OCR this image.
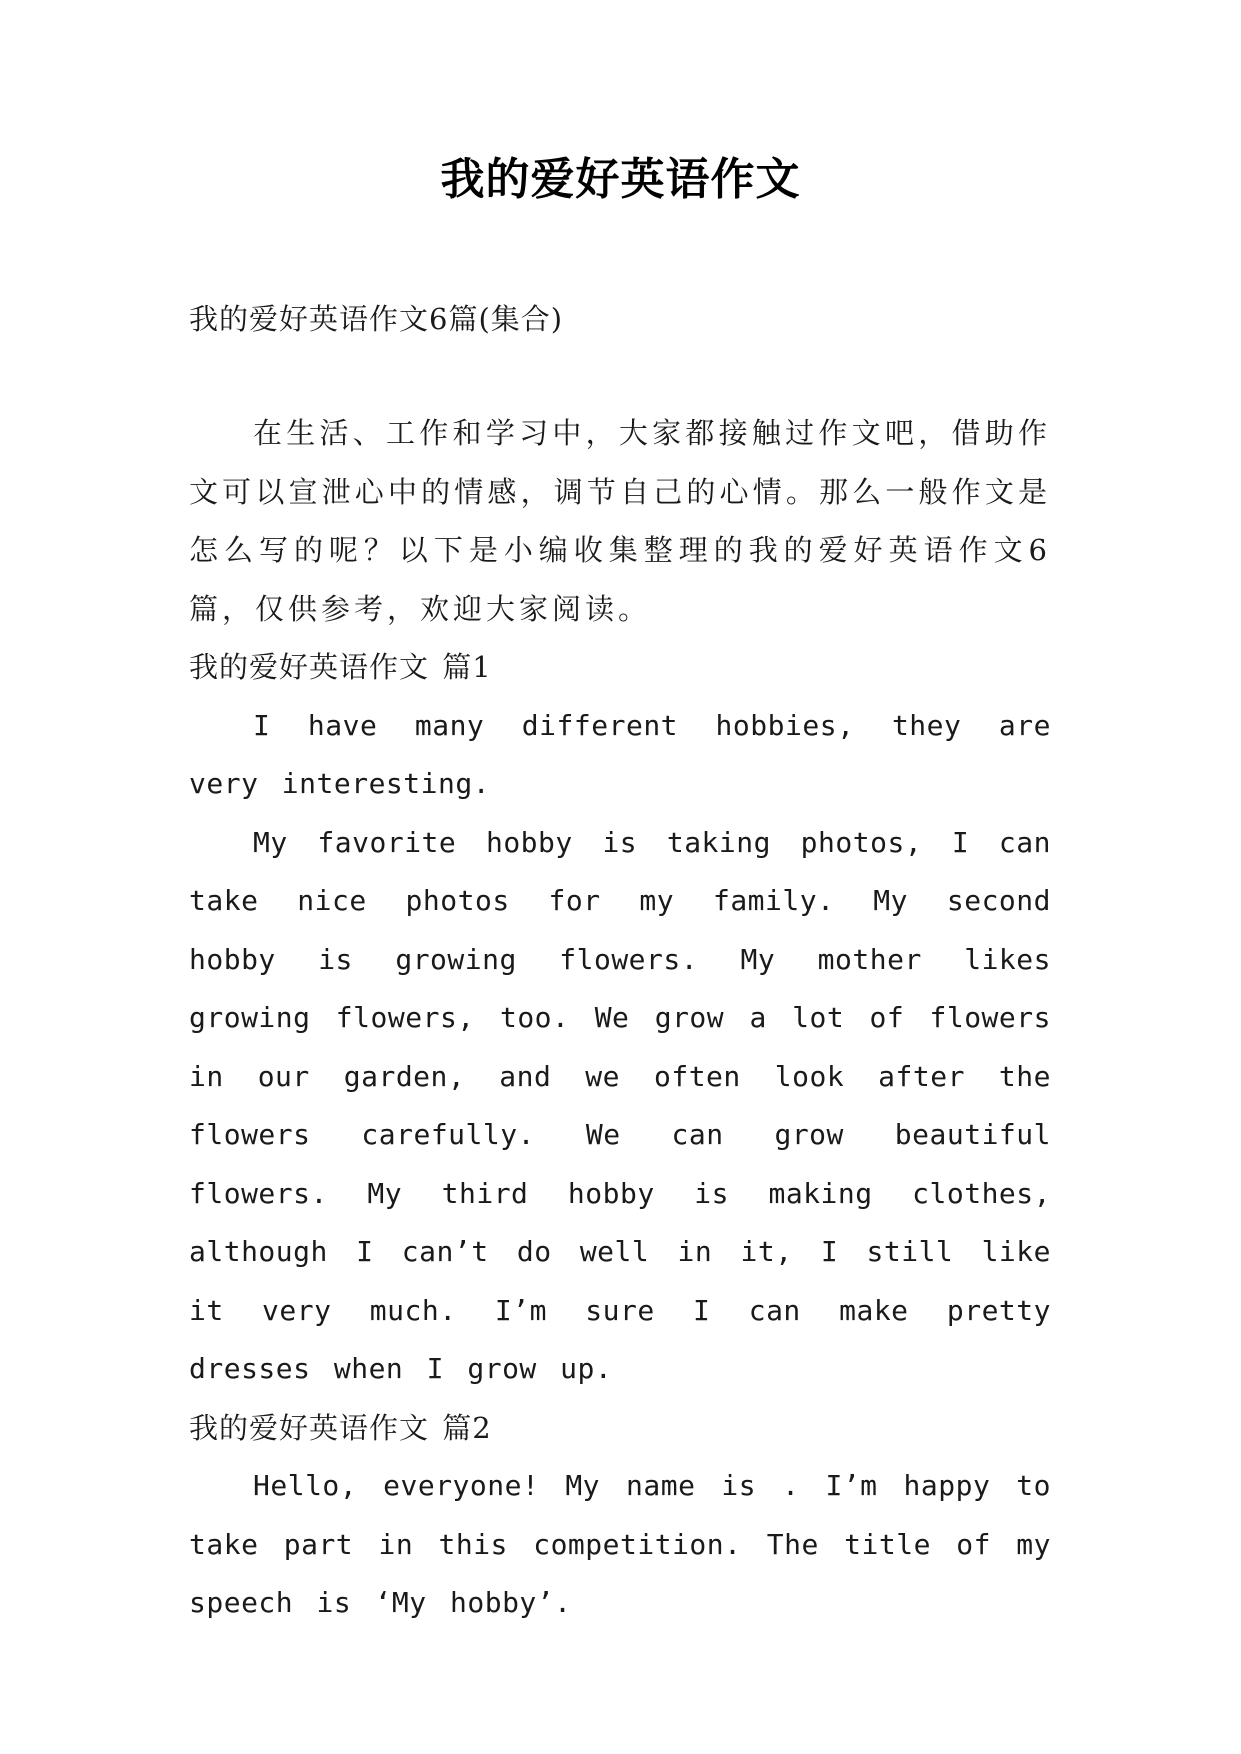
我的爱好英语作文
我的爱好英语作文6篇(集合)

在生活、工作和学习中，大家都接触过作文吧，借助作文可以宣泄心中的情感，调节自己的心情。那么一般作文是怎么写的呢？以下是小编收集整理的我的爱好英语作文6篇，仅供参考，欢迎大家阅读。

我的爱好英语作文 篇1

I have many different hobbies, they are very interesting.

My favorite hobby is taking photos, I can take nice photos for my family. My second hobby is growing flowers. My mother likes growing flowers, too. We grow a lot of flowers in our garden, and we often look after the flowers carefully. We can grow beautiful flowers. My third hobby is making clothes, although I can’t do well in it, I still like it very much. I’m sure I can make pretty dresses when I grow up.

我的爱好英语作文 篇2

Hello, everyone! My name is . I’m happy to take part in this competition. The title of my speech is ‘My hobby’.
